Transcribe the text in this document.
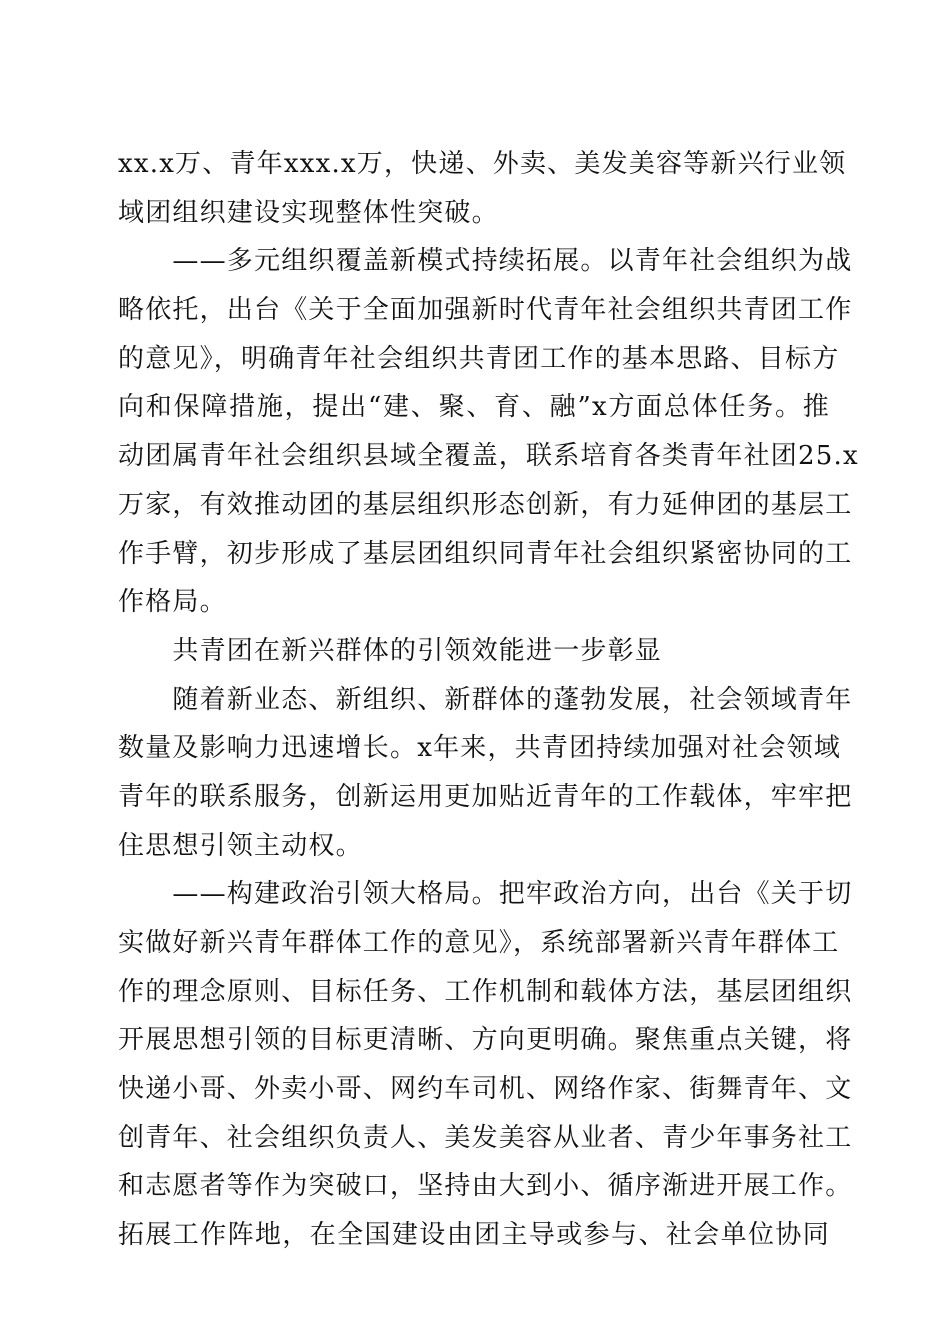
xx.x万、青年xxx.x万，快递、外卖、美发美容等新兴行业领
域团组织建设实现整体性突破。
　　——多元组织覆盖新模式持续拓展。以青年社会组织为战
略依托，出台《关于全面加强新时代青年社会组织共青团工作
的意见》，明确青年社会组织共青团工作的基本思路、目标方
向和保障措施，提出“建、聚、育、融”x方面总体任务。推
动团属青年社会组织县域全覆盖，联系培育各类青年社团25.x
万家，有效推动团的基层组织形态创新，有力延伸团的基层工
作手臂，初步形成了基层团组织同青年社会组织紧密协同的工
作格局。
　　共青团在新兴群体的引领效能进一步彰显
　　随着新业态、新组织、新群体的蓬勃发展，社会领域青年
数量及影响力迅速增长。x年来，共青团持续加强对社会领域
青年的联系服务，创新运用更加贴近青年的工作载体，牢牢把
住思想引领主动权。
　　——构建政治引领大格局。把牢政治方向，出台《关于切
实做好新兴青年群体工作的意见》，系统部署新兴青年群体工
作的理念原则、目标任务、工作机制和载体方法，基层团组织
开展思想引领的目标更清晰、方向更明确。聚焦重点关键，将
快递小哥、外卖小哥、网约车司机、网络作家、街舞青年、文
创青年、社会组织负责人、美发美容从业者、青少年事务社工
和志愿者等作为突破口，坚持由大到小、循序渐进开展工作。
拓展工作阵地，在全国建设由团主导或参与、社会单位协同
